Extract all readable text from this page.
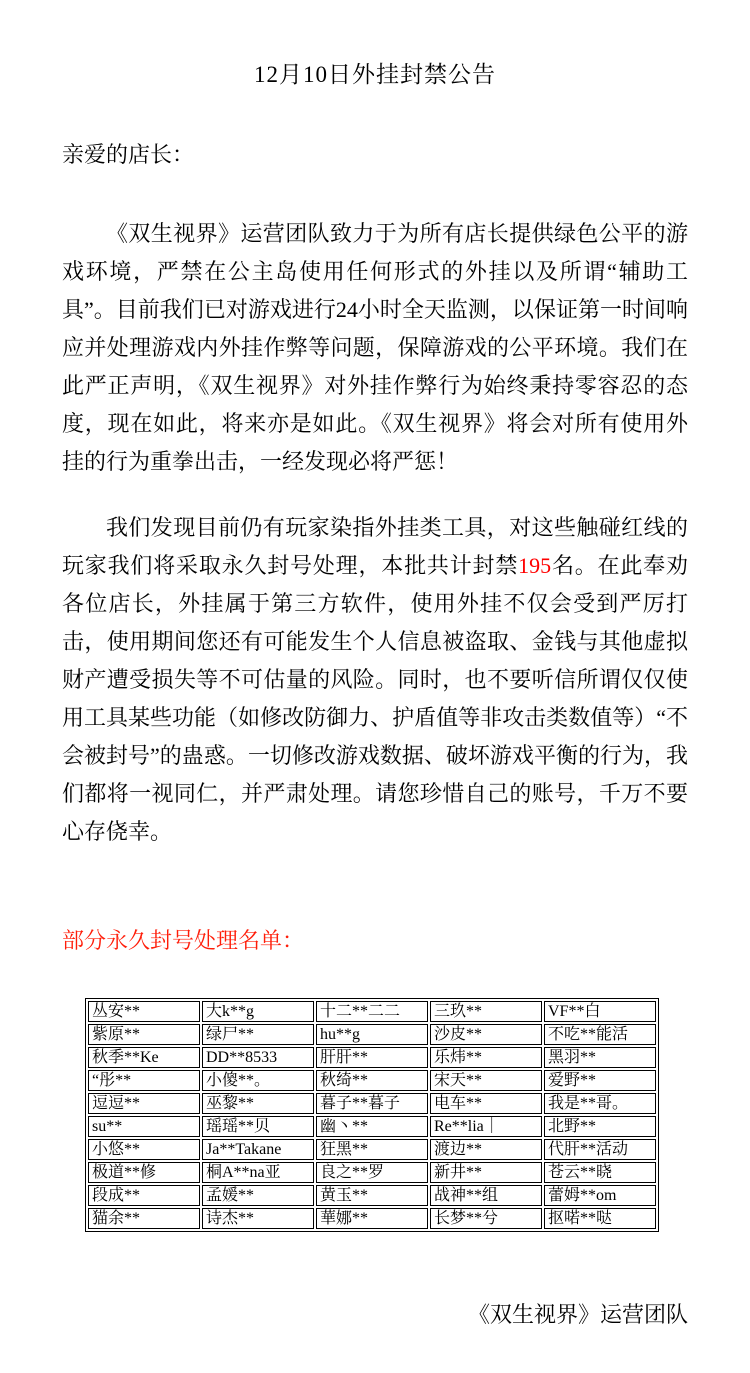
12月10日外挂封禁公告

亲爱的店长：

《双生视界》运营团队致力于为所有店长提供绿色公平的游戏环境，严禁在公主岛使用任何形式的外挂以及所谓“辅助工具”。目前我们已对游戏进行24小时全天监测，以保证第一时间响应并处理游戏内外挂作弊等问题，保障游戏的公平环境。我们在此严正声明，《双生视界》对外挂作弊行为始终秉持零容忍的态度，现在如此，将来亦是如此。《双生视界》将会对所有使用外挂的行为重拳出击，一经发现必将严惩！

我们发现目前仍有玩家染指外挂类工具，对这些触碰红线的玩家我们将采取永久封号处理，本批共计封禁195名。在此奉劝各位店长，外挂属于第三方软件，使用外挂不仅会受到严厉打击，使用期间您还有可能发生个人信息被盗取、金钱与其他虚拟财产遭受损失等不可估量的风险。同时，也不要听信所谓仅仅使用工具某些功能（如修改防御力、护盾值等非攻击类数值等）“不会被封号”的蛊惑。一切修改游戏数据、破坏游戏平衡的行为，我们都将一视同仁，并严肃处理。请您珍惜自己的账号，千万不要心存侥幸。

部分永久封号处理名单：

丛安**	大k**g	十二**二二	三玖**	VF**白
紫原**	绿尸**	hu**g	沙皮**	不吃**能活
秋季**Ke	DD**8533	肝肝**	乐炜**	黑羽**
“彤**	小傻**。	秋绮**	宋天**	爱野**
逗逗**	巫黎**	暮子**暮子	电车**	我是**哥。
su**	瑶瑶**贝	幽丶**	Re**lia｜	北野**
小悠**	Ja**Takane	狂黑**	渡边**	代肝**活动
极道**修	桐A**na亚	良之**罗	新井**	苍云**晓
段成**	孟媛**	黄玉**	战神**组	蕾姆**om
猫余**	诗杰**	華娜**	长梦**兮	抠喏**哒

《双生视界》运营团队
